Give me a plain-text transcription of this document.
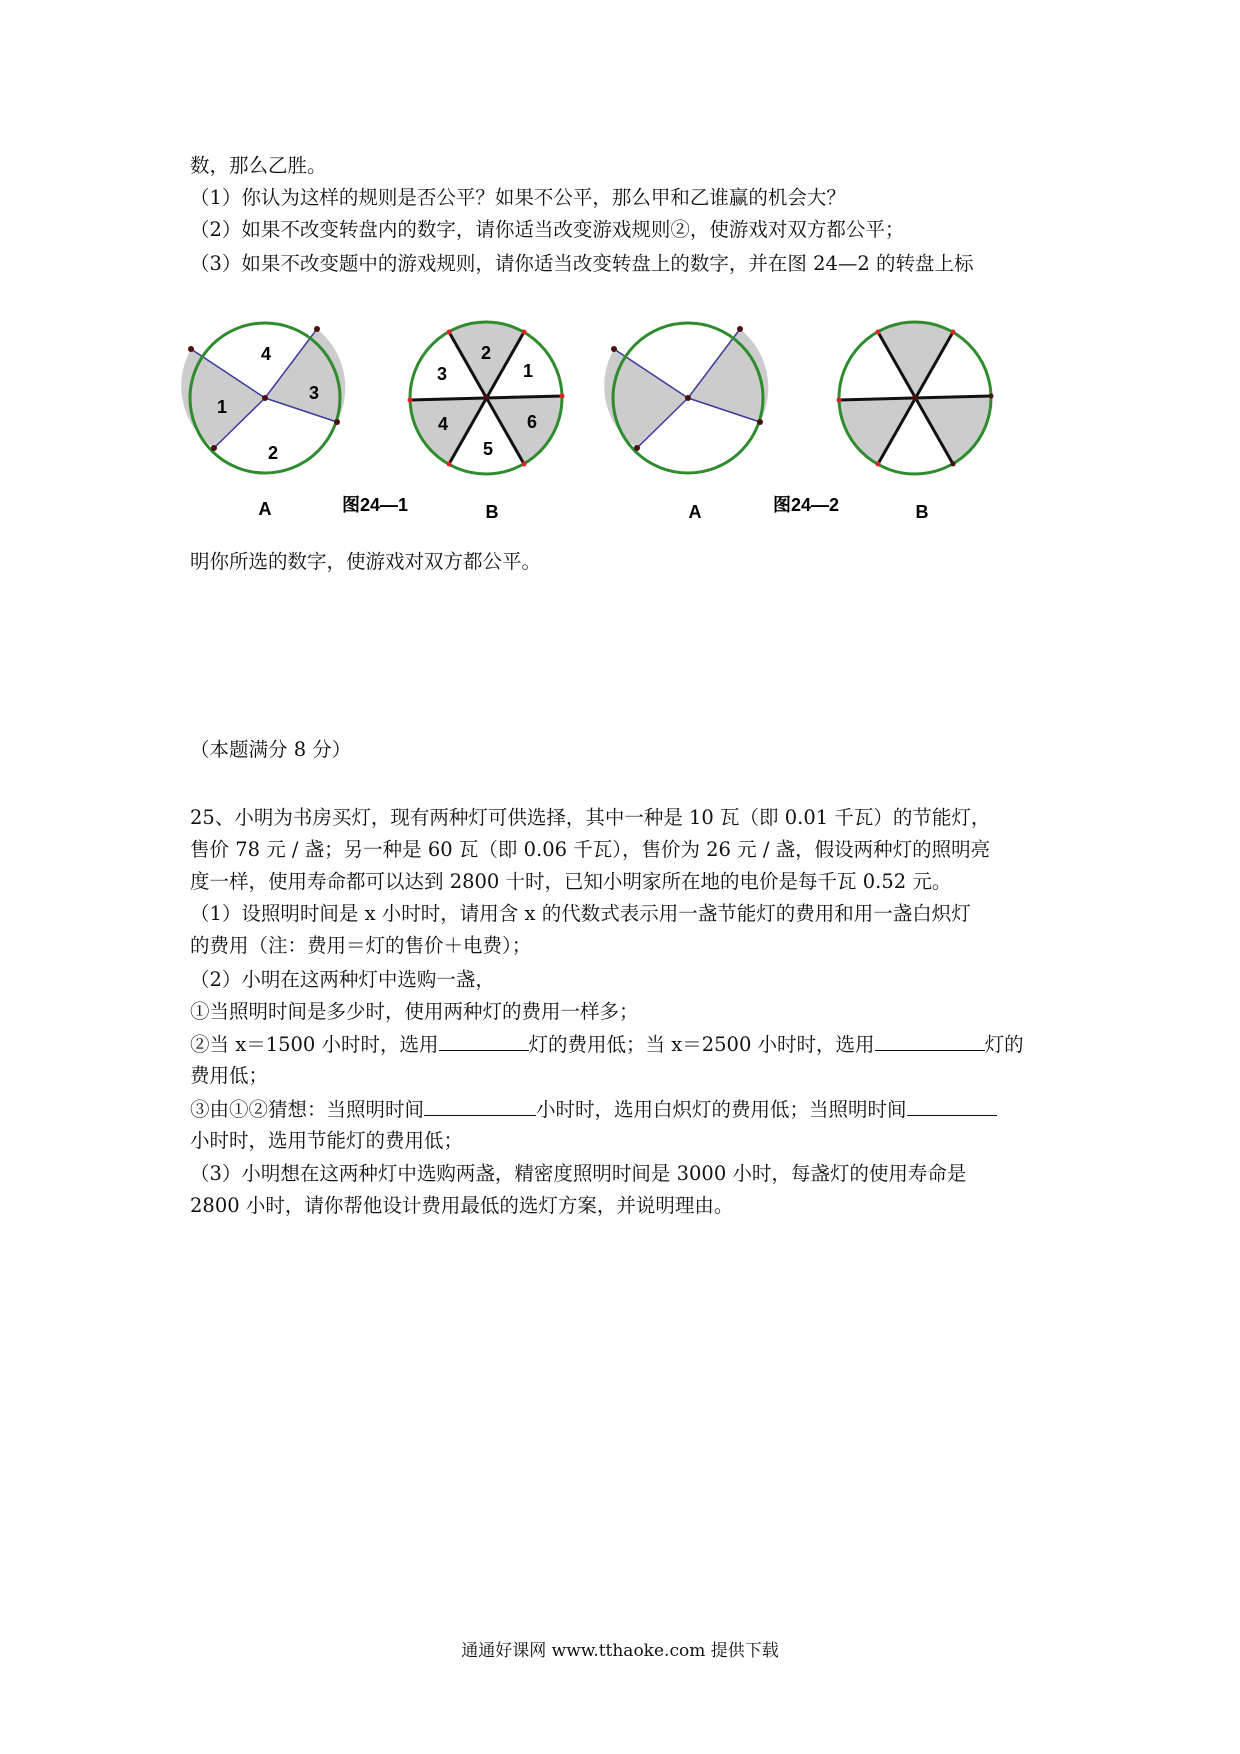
数，那么乙胜。
（1）你认为这样的规则是否公平？如果不公平，那么甲和乙谁赢的机会大？
（2）如果不改变转盘内的数字，请你适当改变游戏规则②，使游戏对双方都公平；
（3）如果不改变题中的游戏规则，请你适当改变转盘上的数字，并在图 24—2 的转盘上标
4
1
3
2
A
2
3	1
4	6
5
图24—1	B	A	图24—2	B
明你所选的数字，使游戏对双方都公平。
（本题满分 8 分）
25、小明为书房买灯，现有两种灯可供选择，其中一种是 10 瓦（即 0.01 千瓦）的节能灯，
售价 78 元 / 盏；另一种是 60 瓦（即 0.06 千瓦），售价为 26 元 / 盏，假设两种灯的照明亮
度一样，使用寿命都可以达到 2800 十时，已知小明家所在地的电价是每千瓦 0.52 元。
（1）设照明时间是 x 小时时，请用含 x 的代数式表示用一盏节能灯的费用和用一盏白炽灯
的费用（注：费用＝灯的售价＋电费）；
（2）小明在这两种灯中选购一盏，
①当照明时间是多少时，使用两种灯的费用一样多；
②当 x＝1500 小时时，选用	灯的费用低；当 x＝2500 小时时，选用	灯的
费用低；
③由①②猜想：当照明时间	小时时，选用白炽灯的费用低；当照明时间
小时时，选用节能灯的费用低；
（3）小明想在这两种灯中选购两盏，精密度照明时间是 3000 小时，每盏灯的使用寿命是
2800 小时，请你帮他设计费用最低的选灯方案，并说明理由。
通通好课网 www.tthaoke.com 提供下载
